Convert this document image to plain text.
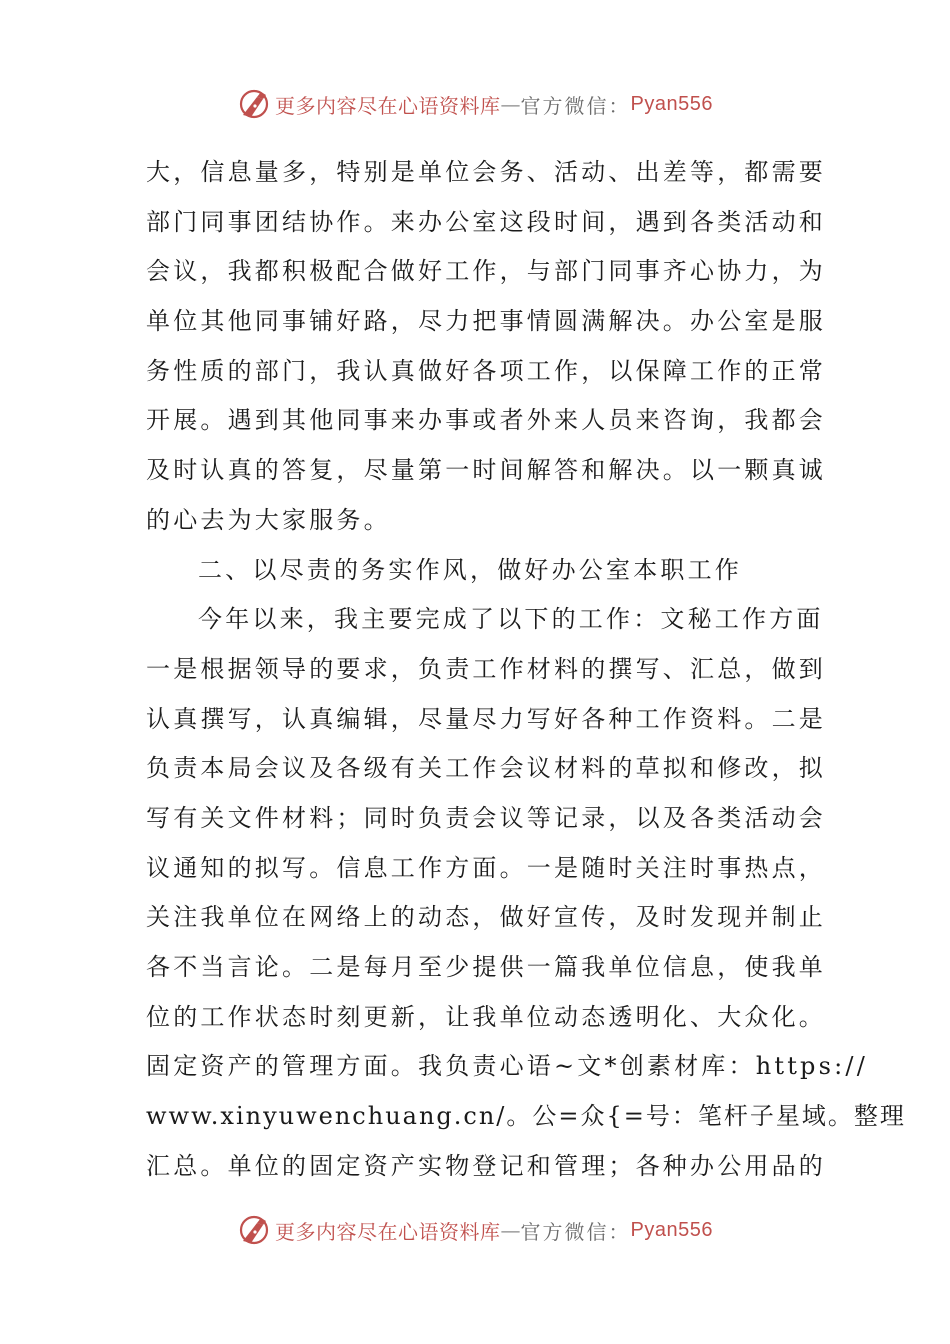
更多内容尽在心语资料库 — 官方微信： Pyan556
大，信息量多，特别是单位会务、活动、出差等，都需要
部门同事团结协作。来办公室这段时间，遇到各类活动和
会议，我都积极配合做好工作，与部门同事齐心协力，为
单位其他同事铺好路，尽力把事情圆满解决。办公室是服
务性质的部门，我认真做好各项工作，以保障工作的正常
开展。遇到其他同事来办事或者外来人员来咨询，我都会
及时认真的答复，尽量第一时间解答和解决。以一颗真诚
的心去为大家服务。
二、以尽责的务实作风，做好办公室本职工作
今年以来，我主要完成了以下的工作：文秘工作方面
一是根据领导的要求，负责工作材料的撰写、汇总，做到
认真撰写，认真编辑，尽量尽力写好各种工作资料。二是
负责本局会议及各级有关工作会议材料的草拟和修改，拟
写有关文件材料；同时负责会议等记录，以及各类活动会
议通知的拟写。信息工作方面。一是随时关注时事热点，
关注我单位在网络上的动态，做好宣传，及时发现并制止
各不当言论。二是每月至少提供一篇我单位信息，使我单
位的工作状态时刻更新，让我单位动态透明化、大众化。
固定资产的管理方面。我负责心语~文*创素材库：https://
www.xinyuwenchuang.cn/。公=众{=号：笔杆子星域。整理
汇总。单位的固定资产实物登记和管理；各种办公用品的
更多内容尽在心语资料库 — 官方微信： Pyan556
